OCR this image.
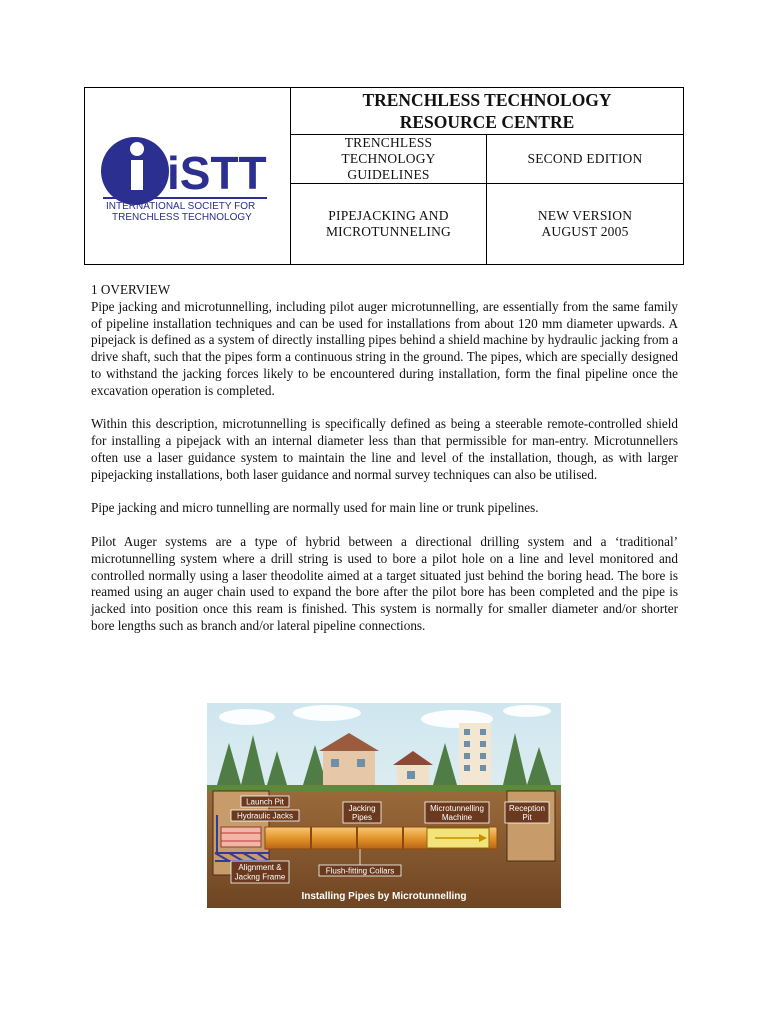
iSTT
INTERNATIONAL SOCIETY FOR
TRENCHLESS TECHNOLOGY
TRENCHLESS TECHNOLOGY
RESOURCE CENTRE
TRENCHLESS
TECHNOLOGY
GUIDELINES
SECOND EDITION
PIPEJACKING AND
MICROTUNNELING
NEW VERSION
AUGUST 2005
1 OVERVIEW

Pipe jacking and microtunnelling, including pilot auger microtunnelling, are essentially from the same family of pipeline installation techniques and can be used for installations from about 120 mm diameter upwards. A pipejack is defined as a system of directly installing pipes behind a shield machine by hydraulic jacking from a drive shaft, such that the pipes form a continuous string in the ground. The pipes, which are specially designed to withstand the jacking forces likely to be encountered during installation, form the final pipeline once the excavation operation is completed.

Within this description, microtunnelling is specifically defined as being a steerable remote-controlled shield for installing a pipejack with an internal diameter less than that permissible for man-entry. Microtunnellers often use a laser guidance system to maintain the line and level of the installation, though, as with larger pipejacking installations, both laser guidance and normal survey techniques can also be utilised.

Pipe jacking and micro tunnelling are normally used for main line or trunk pipelines.

Pilot Auger systems are a type of hybrid between a directional drilling system and a ‘traditional’ microtunnelling system where a drill string is used to bore a pilot hole on a line and level monitored and controlled normally using a laser theodolite aimed at a target situated just behind the boring head. The bore is reamed using an auger chain used to expand the bore after the pilot bore has been completed and the pipe is jacked into position once this ream is finished. This system is normally for smaller diameter and/or shorter bore lengths such as branch and/or lateral pipeline connections.

Launch Pit
Hydraulic Jacks
Jacking
Pipes
Microtunnelling
Machine
Reception
Pit
Alignment &
Jackng Frame
Flush-fitting Collars
Installing Pipes by Microtunnelling
